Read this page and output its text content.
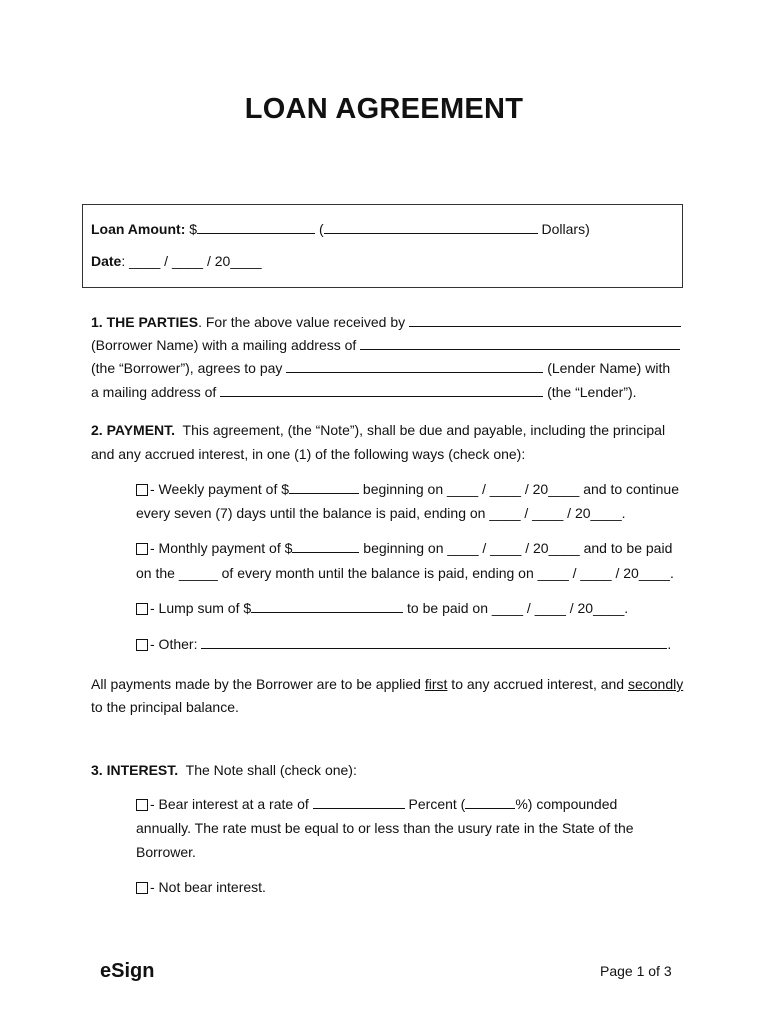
LOAN AGREEMENT
Loan Amount: $	(	Dollars)
Date: ____ / ____ / 20____
1. THE PARTIES. For the above value received by
(Borrower Name) with a mailing address of
(the “Borrower”), agrees to pay	(Lender Name) with
a mailing address of	(the “Lender”).
2. PAYMENT.  This agreement, (the “Note”), shall be due and payable, including the principal
and any accrued interest, in one (1) of the following ways (check one):
- Weekly payment of $	beginning on ____ / ____ / 20____ and to continue
every seven (7) days until the balance is paid, ending on ____ / ____ / 20____.
- Monthly payment of $	beginning on ____ / ____ / 20____ and to be paid
on the _____ of every month until the balance is paid, ending on ____ / ____ / 20____.
- Lump sum of $	to be paid on ____ / ____ / 20____.
- Other:	.
All payments made by the Borrower are to be applied first to any accrued interest, and secondly
to the principal balance.
3. INTEREST.  The Note shall (check one):
- Bear interest at a rate of	Percent (	%) compounded
annually. The rate must be equal to or less than the usury rate in the State of the
Borrower.
- Not bear interest.
eSign	Page 1 of 3
